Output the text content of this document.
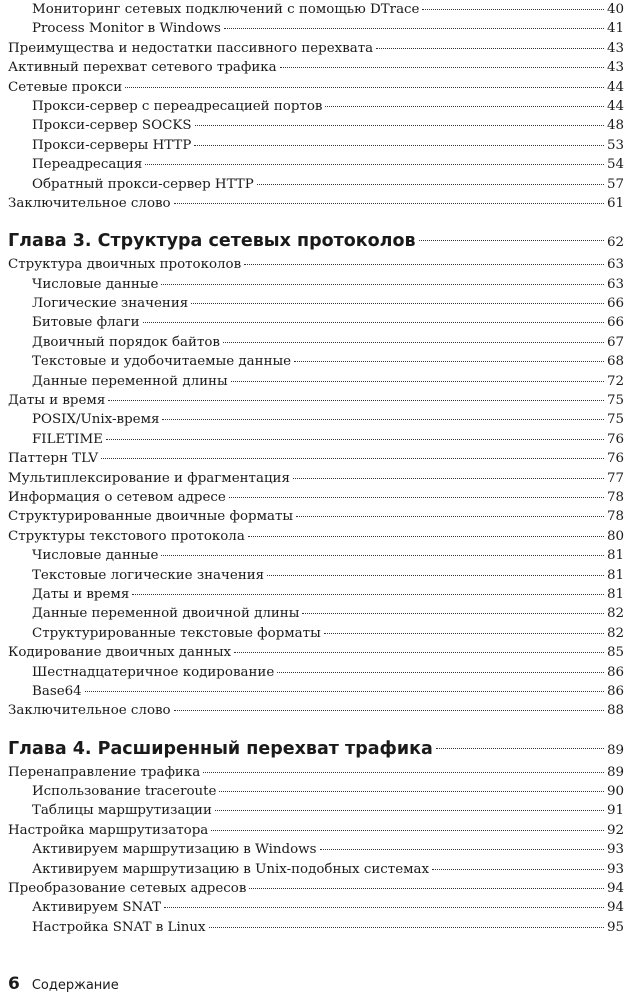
Мониторинг сетевых подключений с помощью DTrace	40
Process Monitor в Windows	41
Преимущества и недостатки пассивного перехвата	43
Активный перехват сетевого трафика	43
Сетевые прокси	44
Прокси-сервер с переадресацией портов	44
Прокси-сервер SOCKS	48
Прокси-серверы HTTP	53
Переадресация	54
Обратный прокси-сервер HTTP	57
Заключительное слово	61
Глава 3. Структура сетевых протоколов	62
Структура двоичных протоколов	63
Числовые данные	63
Логические значения	66
Битовые флаги	66
Двоичный порядок байтов	67
Текстовые и удобочитаемые данные	68
Данные переменной длины	72
Даты и время	75
POSIX/Unix-время	75
FILETIME	76
Паттерн TLV	76
Мультиплексирование и фрагментация	77
Информация о сетевом адресе	78
Структурированные двоичные форматы	78
Структуры текстового протокола	80
Числовые данные	81
Текстовые логические значения	81
Даты и время	81
Данные переменной двоичной длины	82
Структурированные текстовые форматы	82
Кодирование двоичных данных	85
Шестнадцатеричное кодирование	86
Base64	86
Заключительное слово	88
Глава 4. Расширенный перехват трафика	89
Перенаправление трафика	89
Использование traceroute	90
Таблицы маршрутизации	91
Настройка маршрутизатора	92
Активируем маршрутизацию в Windows	93
Активируем маршрутизацию в Unix-подобных системах	93
Преобразование сетевых адресов	94
Активируем SNAT	94
Настройка SNAT в Linux	95
6 Содержание
